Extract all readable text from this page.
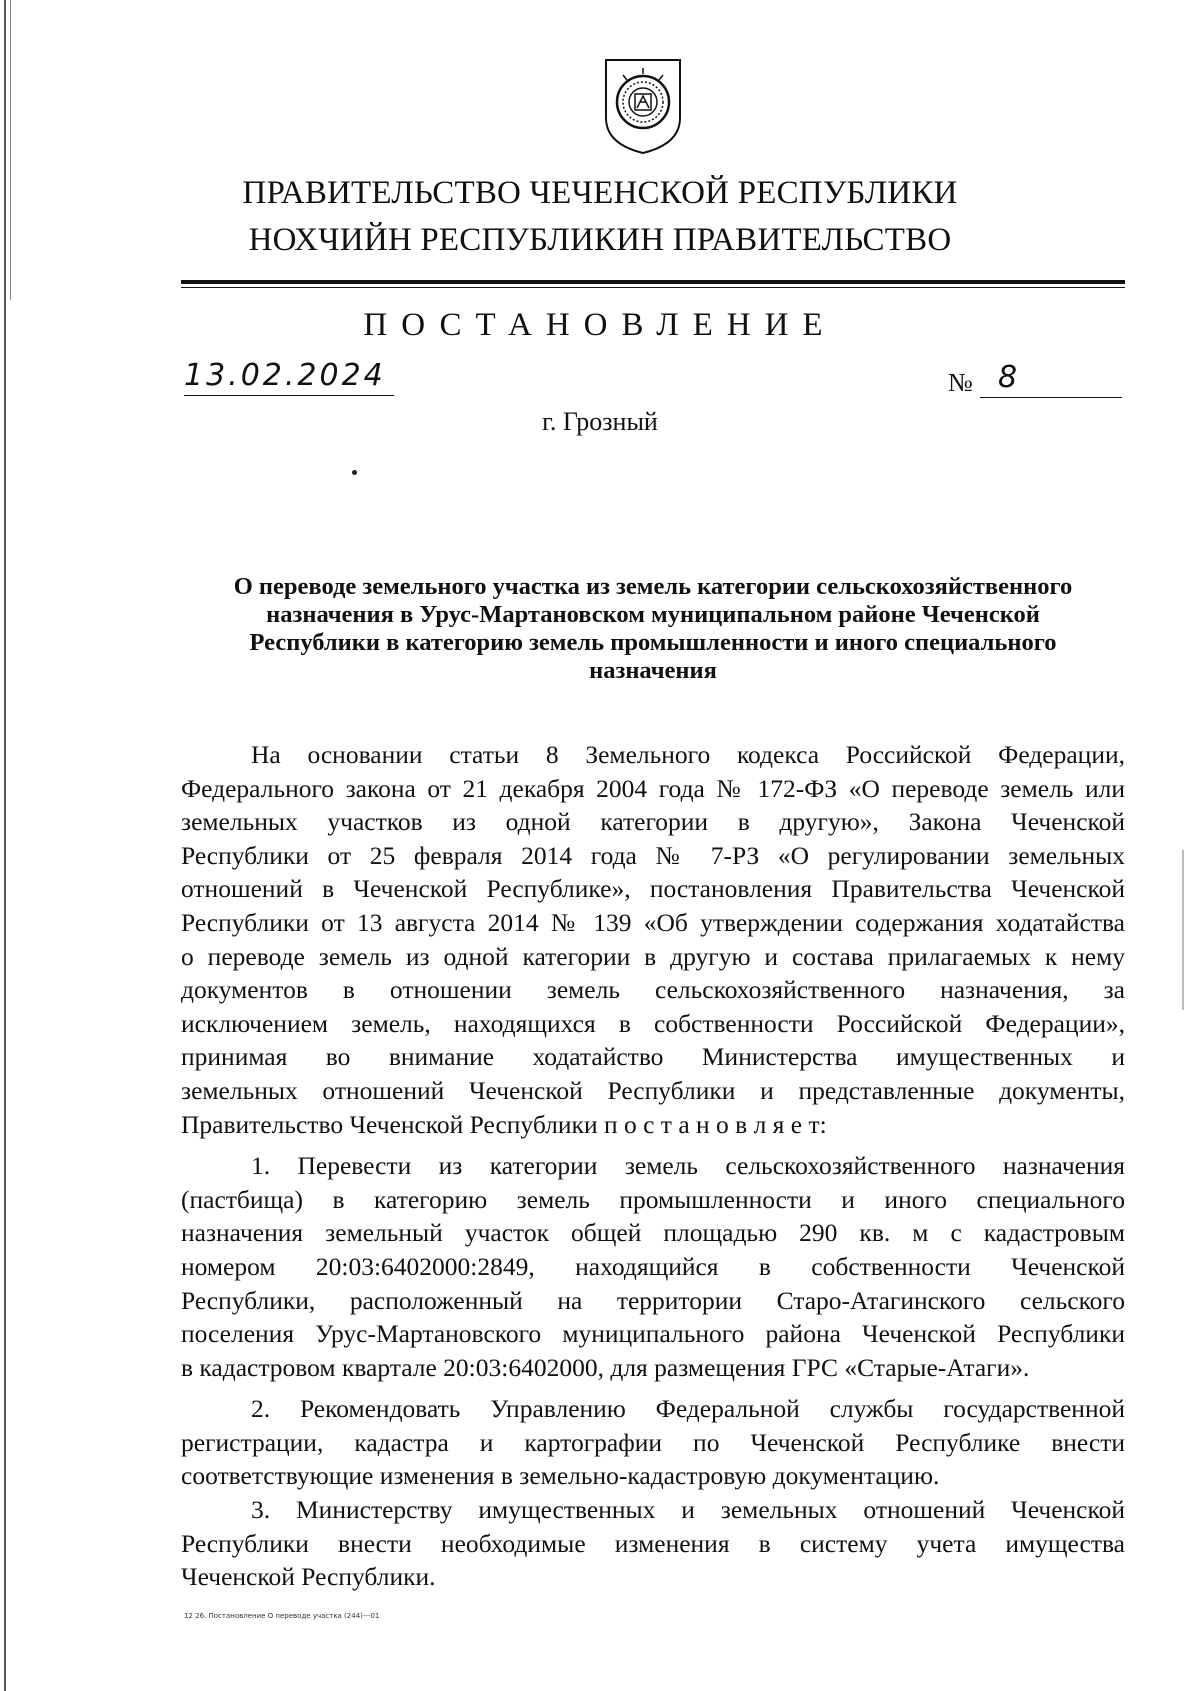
ПРАВИТЕЛЬСТВО ЧЕЧЕНСКОЙ РЕСПУБЛИКИ
НОХЧИЙН РЕСПУБЛИКИН ПРАВИТЕЛЬСТВО
ПОСТАНОВЛЕНИЕ
13.02.2024	№ 8
г. Грозный
О переводе земельного участка из земель категории сельскохозяйственного
назначения в Урус-Мартановском муниципальном районе Чеченской
Республики в категорию земель промышленности и иного специального
назначения
На основании статьи 8 Земельного кодекса Российской Федерации,
Федерального закона от 21 декабря 2004 года № 172-ФЗ «О переводе земель или
земельных участков из одной категории в другую», Закона Чеченской
Республики от 25 февраля 2014 года № 7-РЗ «О регулировании земельных
отношений в Чеченской Республике», постановления Правительства Чеченской
Республики от 13 августа 2014 № 139 «Об утверждении содержания ходатайства
о переводе земель из одной категории в другую и состава прилагаемых к нему
документов в отношении земель сельскохозяйственного назначения, за
исключением земель, находящихся в собственности Российской Федерации»,
принимая во внимание ходатайство Министерства имущественных и
земельных отношений Чеченской Республики и представленные документы,
Правительство Чеченской Республики п о с т а н о в л я е т:
1. Перевести из категории земель сельскохозяйственного назначения
(пастбища) в категорию земель промышленности и иного специального
назначения земельный участок общей площадью 290 кв. м с кадастровым
номером 20:03:6402000:2849, находящийся в собственности Чеченской
Республики, расположенный на территории Старо-Атагинского сельского
поселения Урус-Мартановского муниципального района Чеченской Республики
в кадастровом квартале 20:03:6402000, для размещения ГРС «Старые-Атаги».
2. Рекомендовать Управлению Федеральной службы государственной
регистрации, кадастра и картографии по Чеченской Республике внести
соответствующие изменения в земельно-кадастровую документацию.
3. Министерству имущественных и земельных отношений Чеченской
Республики внести необходимые изменения в систему учета имущества
Чеченской Республики.
12 26. Постановление О переводе участка (244)---01
